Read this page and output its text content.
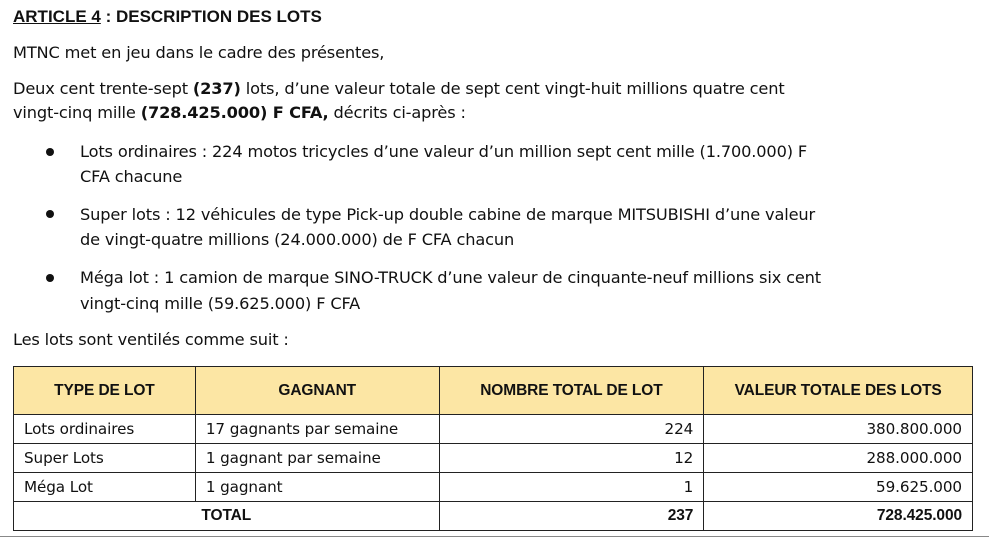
ARTICLE 4 : DESCRIPTION DES LOTS
MTNC met en jeu dans le cadre des présentes,
Deux cent trente-sept (237) lots, d’une valeur totale de sept cent vingt-huit millions quatre cent
vingt-cinq mille (728.425.000) F CFA, décrits ci-après :
Lots ordinaires : 224 motos tricycles d’une valeur d’un million sept cent mille (1.700.000) F
CFA chacune
Super lots : 12 véhicules de type Pick-up double cabine de marque MITSUBISHI d’une valeur
de vingt-quatre millions (24.000.000) de F CFA chacun
Méga lot : 1 camion de marque SINO-TRUCK d’une valeur de cinquante-neuf millions six cent
vingt-cinq mille (59.625.000) F CFA
Les lots sont ventilés comme suit :
TYPE DE LOT	GAGNANT	NOMBRE TOTAL DE LOT	VALEUR TOTALE DES LOTS
Lots ordinaires	17 gagnants par semaine	224	380.800.000
Super Lots	1 gagnant par semaine	12	288.000.000
Méga Lot	1 gagnant	1	59.625.000
TOTAL		237	728.425.000
